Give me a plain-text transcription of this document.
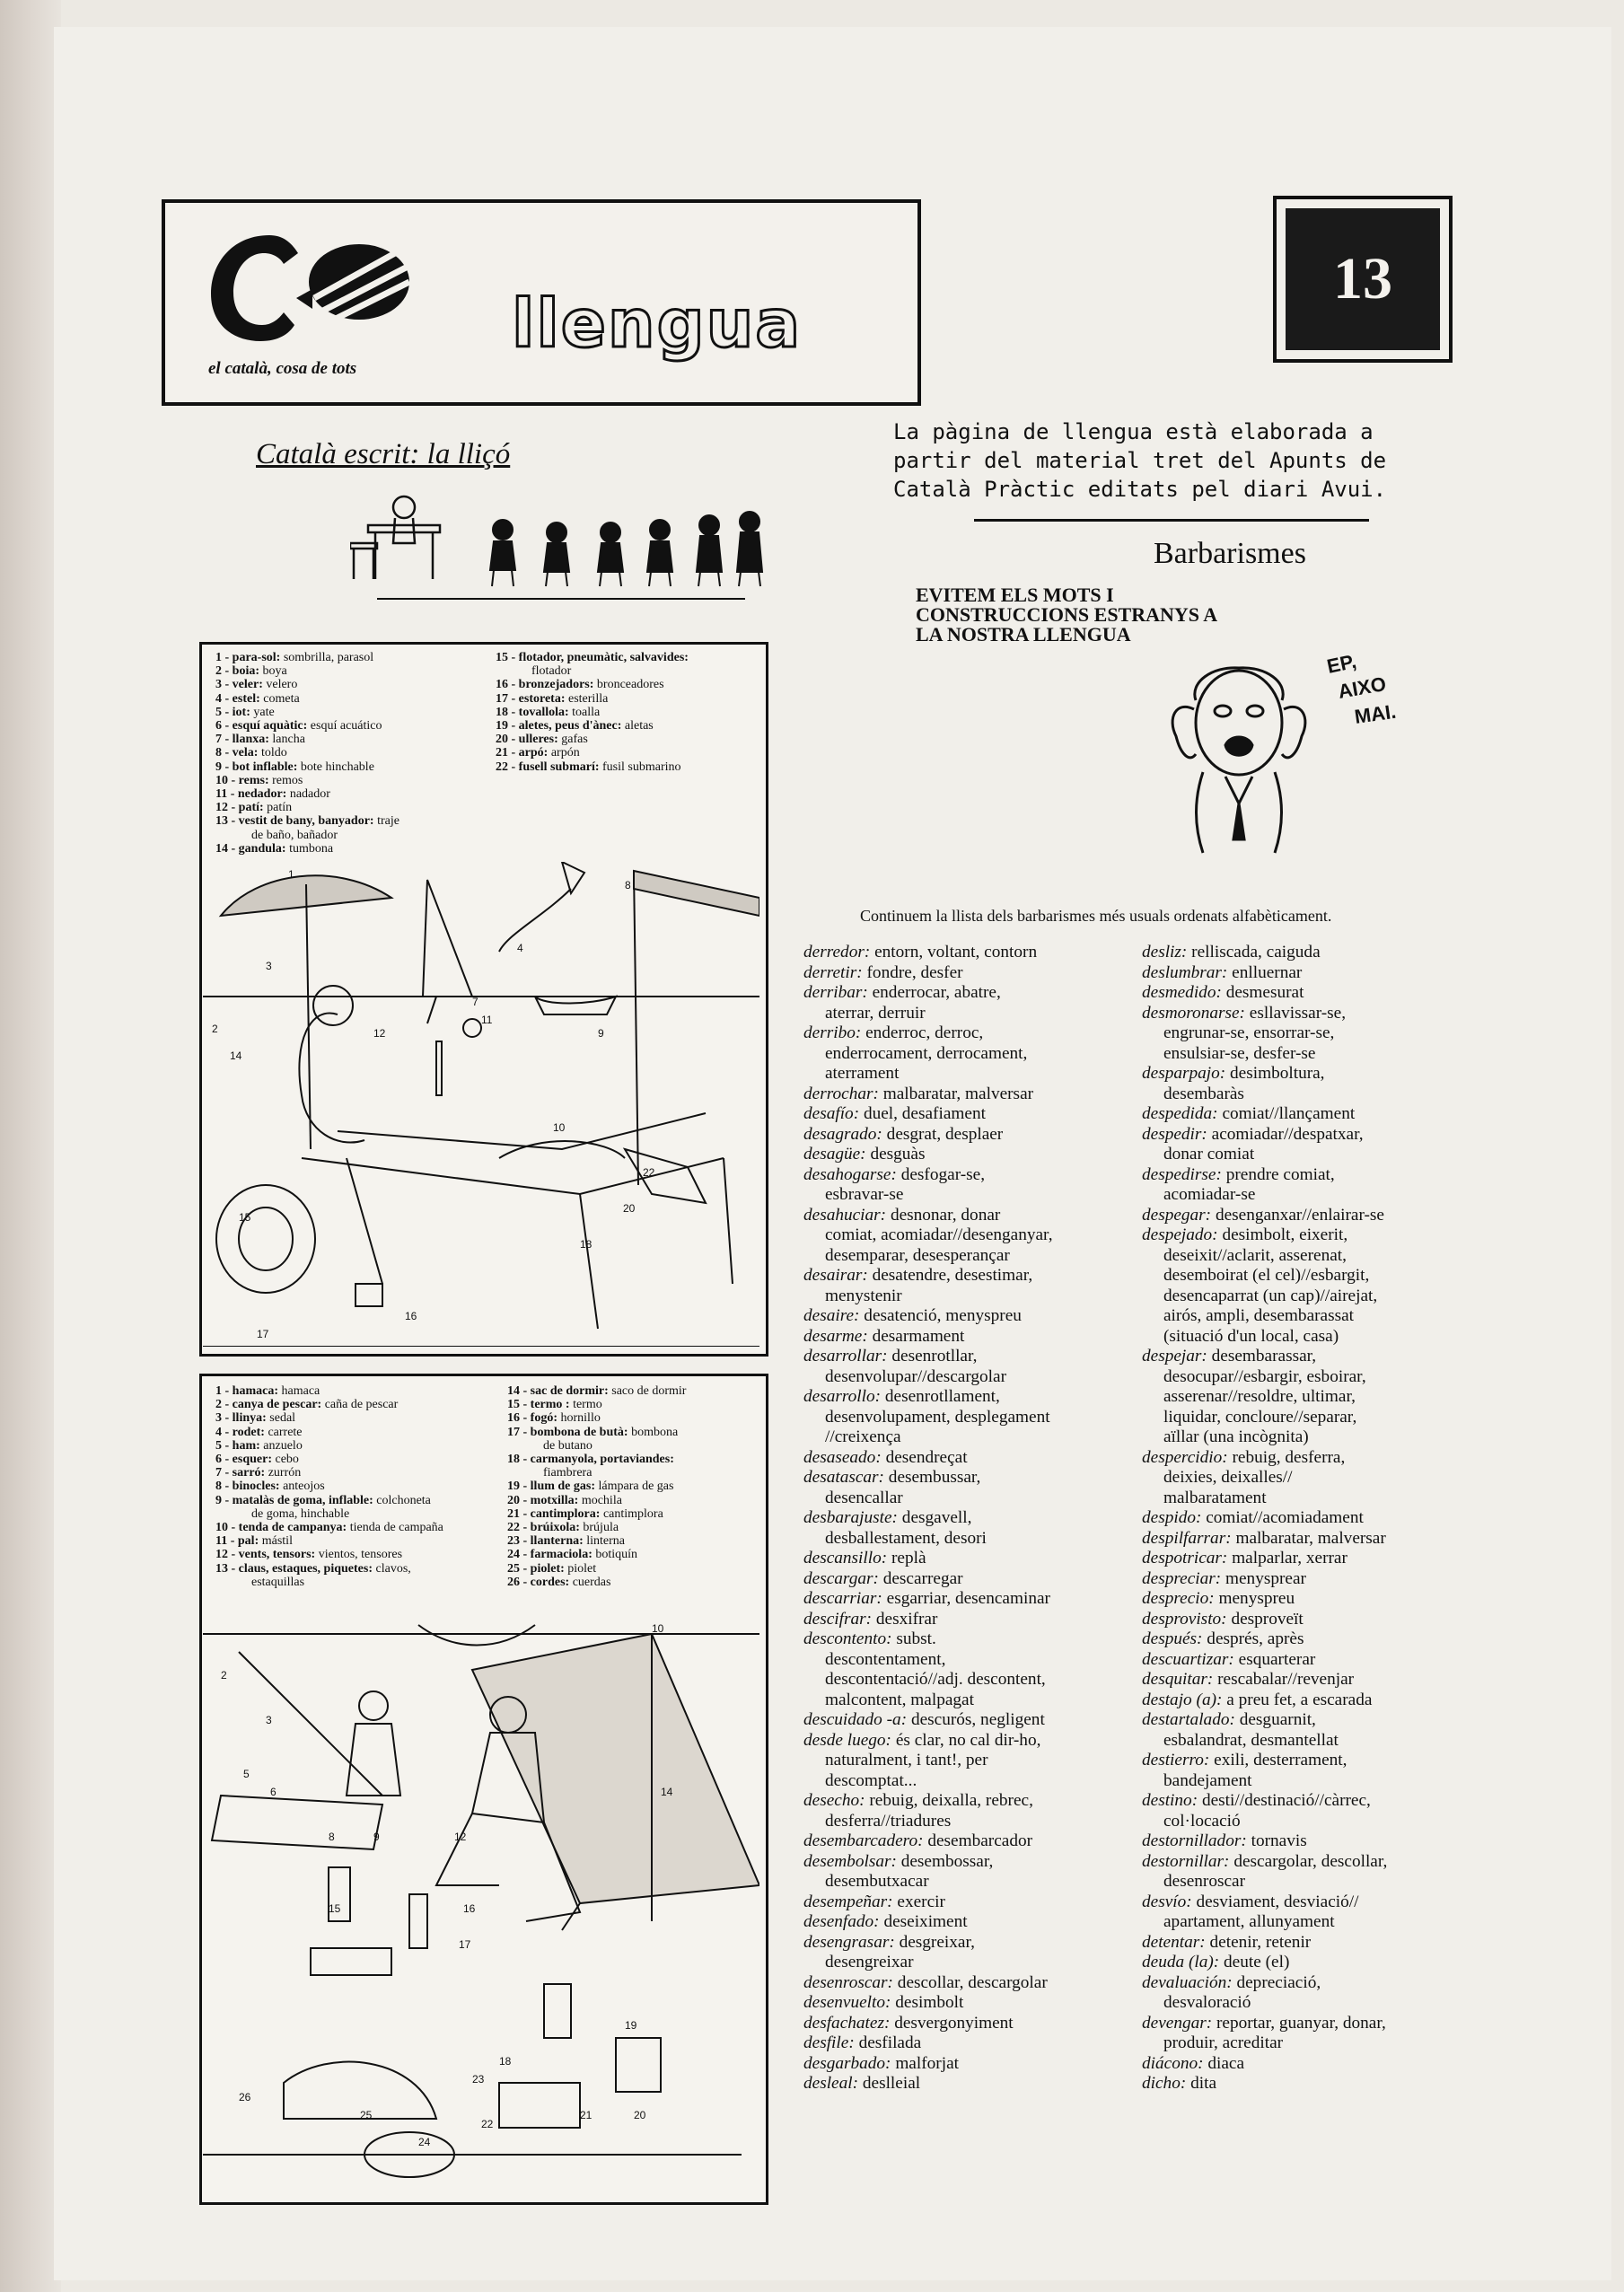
el català, cosa de tots
llengua
13
La pàgina de llengua està elaborada a
partir del material tret del Apunts de
Català Pràctic editats pel diari Avui.
Barbarismes
EVITEM ELS MOTS I
CONSTRUCCIONS ESTRANYS A
LA NOSTRA LLENGUA
EP,
AIXO
MAI.
Català escrit: la lliçó
1 - para-sol: sombrilla, parasol
2 - boia: boya
3 - veler: velero
4 - estel: cometa
5 - iot: yate
6 - esquí aquàtic: esquí acuático
7 - llanxa: lancha
8 - vela: toldo
9 - bot inflable: bote hinchable
10 - rems: remos
11 - nedador: nadador
12 - patí: patín
13 - vestit de bany, banyador: traje
de baño, bañador
14 - gandula: tumbona
15 - flotador, pneumàtic, salvavides:
flotador
16 - bronzejadors: bronceadores
17 - estoreta: esterilla
18 - tovallola: toalla
19 - aletes, peus d'ànec: aletas
20 - ulleres: gafas
21 - arpó: arpón
22 - fusell submarí: fusil submarino
1
2
3
4
7
8
9
10
11
12
14
15
16
17
18
22
20
1 - hamaca: hamaca
2 - canya de pescar: caña de pescar
3 - llinya: sedal
4 - rodet: carrete
5 - ham: anzuelo
6 - esquer: cebo
7 - sarró: zurrón
8 - binocles: anteojos
9 - matalàs de goma, inflable: colchoneta
de goma, hinchable
10 - tenda de campanya: tienda de campaña
11 - pal: mástil
12 - vents, tensors: vientos, tensores
13 - claus, estaques, piquetes: clavos,
estaquillas
14 - sac de dormir: saco de dormir
15 - termo : termo
16 - fogó: hornillo
17 - bombona de butà: bombona
de butano
18 - carmanyola, portaviandes:
fiambrera
19 - llum de gas: lámpara de gas
20 - motxilla: mochila
21 - cantimplora: cantimplora
22 - brúixola: brújula
23 - llanterna: linterna
24 - farmaciola: botiquín
25 - piolet: piolet
26 - cordes: cuerdas
2
3
5
6
8	9
10
14
15	16
17
18
19
20
21
22
23
24
25
26
12
Continuem la llista dels barbarismes més usuals ordenats alfabèticament.
derredor: entorn, voltant, contorn
derretir: fondre, desfer
derribar: enderrocar, abatre,
aterrar, derruir
derribo: enderroc, derroc,
enderrocament, derrocament,
aterrament
derrochar: malbaratar, malversar
desafío: duel, desafiament
desagrado: desgrat, desplaer
desagüe: desguàs
desahogarse: desfogar-se,
esbravar-se
desahuciar: desnonar, donar
comiat, acomiadar//desenganyar,
desemparar, desesperançar
desairar: desatendre, desestimar,
menystenir
desaire: desatenció, menyspreu
desarme: desarmament
desarrollar: desenrotllar,
desenvolupar//descargolar
desarrollo: desenrotllament,
desenvolupament, desplegament
//creixença
desaseado: desendreçat
desatascar: desembussar,
desencallar
desbarajuste: desgavell,
desballestament, desori
descansillo: replà
descargar: descarregar
descarriar: esgarriar, desencaminar
descifrar: desxifrar
descontento: subst.
descontentament,
descontentació//adj. descontent,
malcontent, malpagat
descuidado -a: descurós, negligent
desde luego: és clar, no cal dir-ho,
naturalment, i tant!, per
descomptat...
desecho: rebuig, deixalla, rebrec,
desferra//triadures
desembarcadero: desembarcador
desembolsar: desembossar,
desembutxacar
desempeñar: exercir
desenfado: deseiximent
desengrasar: desgreixar,
desengreixar
desenroscar: descollar, descargolar
desenvuelto: desimbolt
desfachatez: desvergonyiment
desfile: desfilada
desgarbado: malforjat
desleal: deslleial
desliz: relliscada, caiguda
deslumbrar: enlluernar
desmedido: desmesurat
desmoronarse: esllavissar-se,
engrunar-se, ensorrar-se,
ensulsiar-se, desfer-se
desparpajo: desimboltura,
desembaràs
despedida: comiat//llançament
despedir: acomiadar//despatxar,
donar comiat
despedirse: prendre comiat,
acomiadar-se
despegar: desenganxar//enlairar-se
despejado: desimbolt, eixerit,
deseixit//aclarit, asserenat,
desemboirat (el cel)//esbargit,
desencaparrat (un cap)//airejat,
airós, ampli, desembarassat
(situació d'un local, casa)
despejar: desembarassar,
desocupar//esbargir, esboirar,
asserenar//resoldre, ultimar,
liquidar, concloure//separar,
aïllar (una incògnita)
despercidio: rebuig, desferra,
deixies, deixalles//
malbaratament
despido: comiat//acomiadament
despilfarrar: malbaratar, malversar
despotricar: malparlar, xerrar
despreciar: menysprear
desprecio: menyspreu
desprovisto: desproveït
después: després, après
descuartizar: esquarterar
desquitar: rescabalar//revenjar
destajo (a): a preu fet, a escarada
destartalado: desguarnit,
esbalandrat, desmantellat
destierro: exili, desterrament,
bandejament
destino: desti//destinació//càrrec,
col·locació
destornillador: tornavis
destornillar: descargolar, descollar,
desenroscar
desvío: desviament, desviació//
apartament, allunyament
detentar: detenir, retenir
deuda (la): deute (el)
devaluación: depreciació,
desvaloració
devengar: reportar, guanyar, donar,
produir, acreditar
diácono: diaca
dicho: dita
